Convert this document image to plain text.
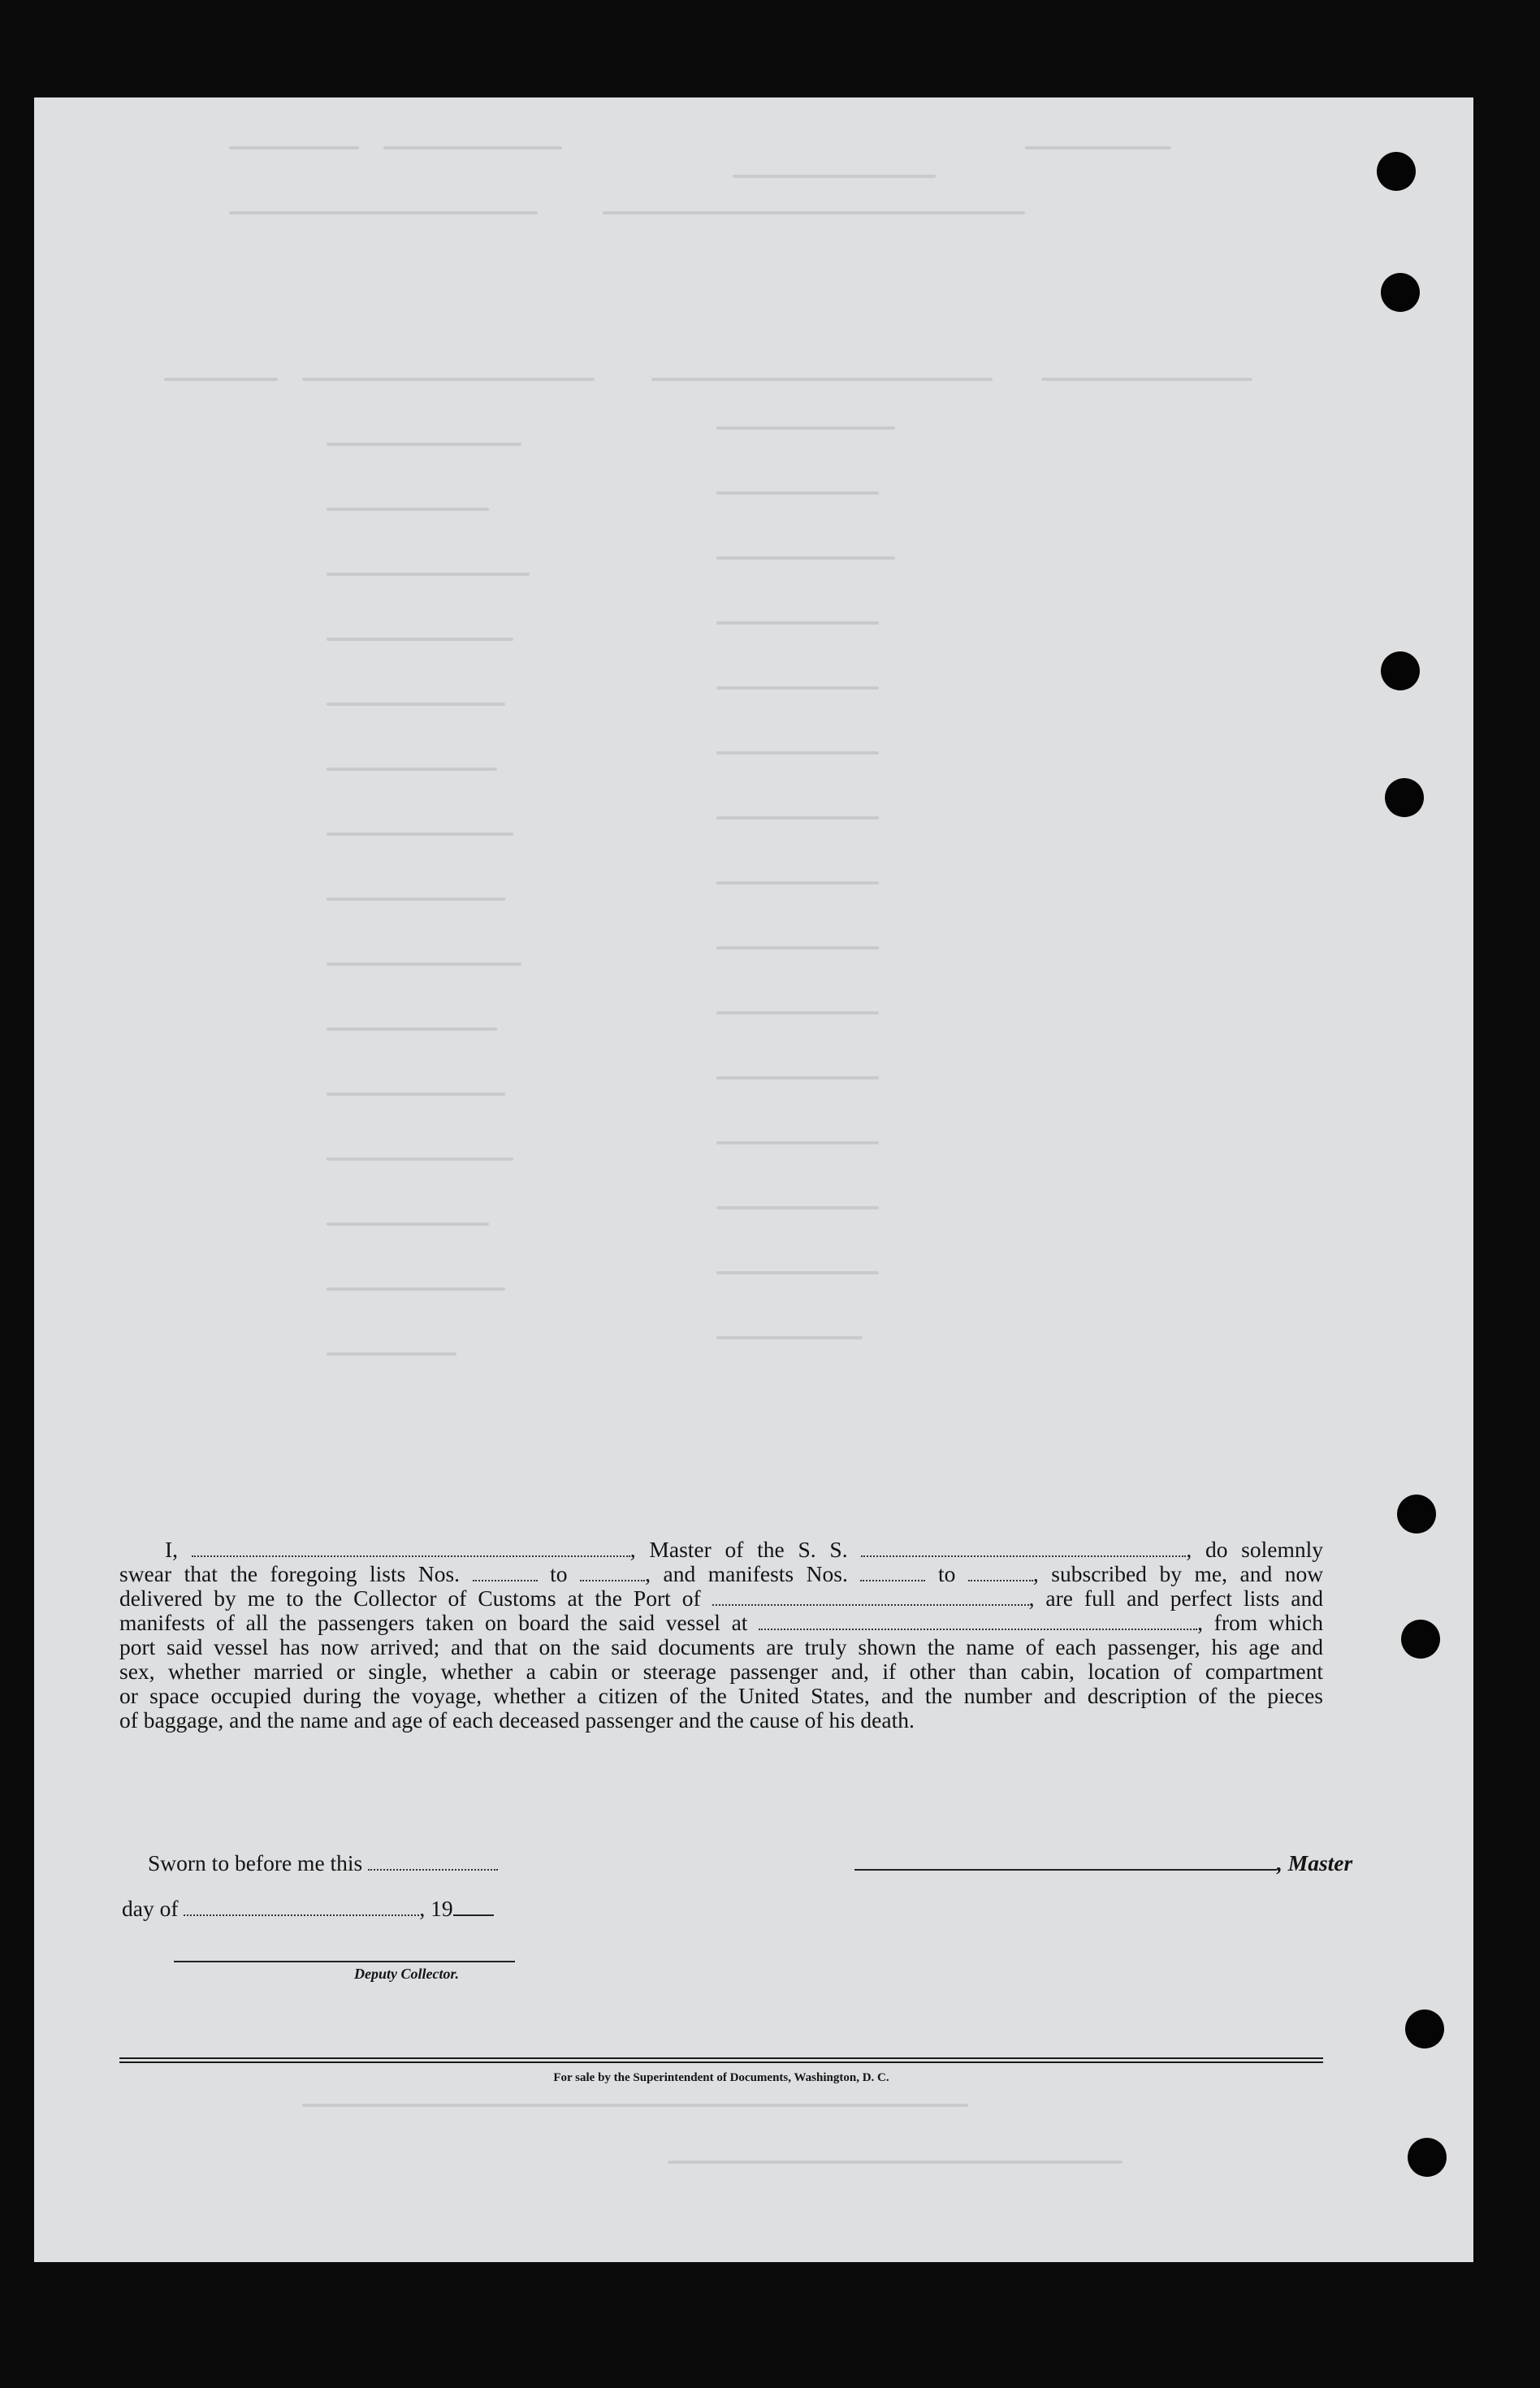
I,	, Master of the S. S.	, do solemnly

swear that the foregoing lists Nos.	to	, and manifests Nos.	to	, subscribed by me, and now

delivered by me to the Collector of Customs at the Port of	, are full and perfect lists and

manifests of all the passengers taken on board the said vessel at	, from which

port said vessel has now arrived; and that on the said documents are truly shown the name of each passenger, his age and

sex, whether married or single, whether a cabin or steerage passenger and, if other than cabin, location of compartment

or space occupied during the voyage, whether a citizen of the United States, and the number and description of the pieces

of baggage, and the name and age of each deceased passenger and the cause of his death.

Sworn to before me this	, Master
day of	, 19
Deputy Collector.
For sale by the Superintendent of Documents, Washington, D. C.
